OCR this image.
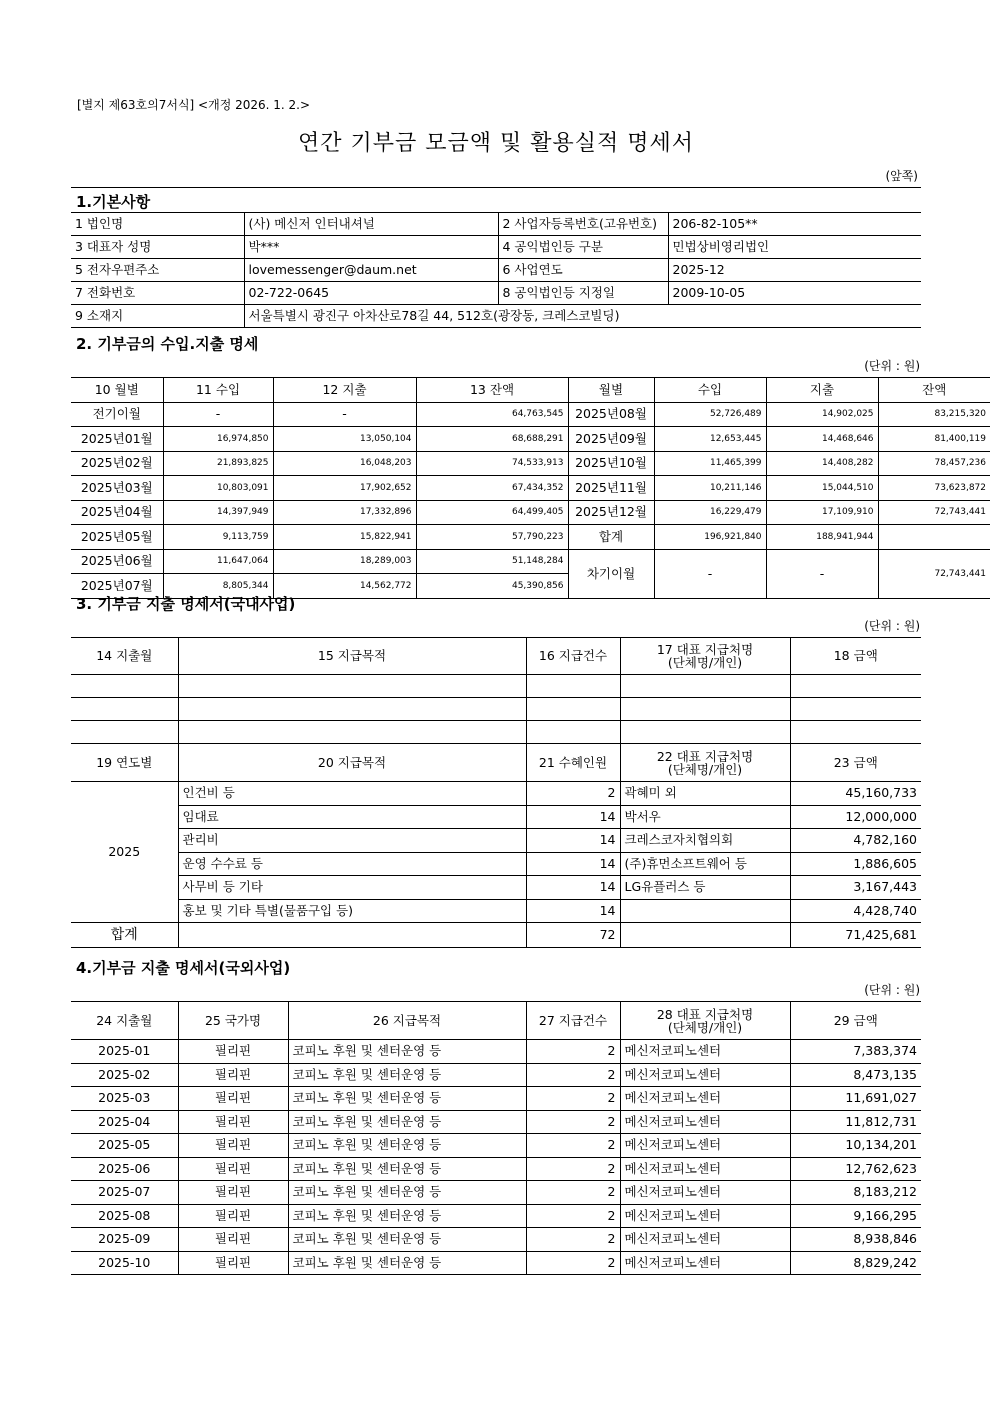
[별지 제63호의7서식] <개정 2026. 1. 2.>
연간 기부금 모금액 및 활용실적 명세서
(앞쪽)
1.기본사항
1 법인명	(사) 메신저 인터내셔널	2 사업자등록번호(고유번호)	206-82-105**
3 대표자 성명	박***	4 공익법인등 구분	민법상비영리법인
5 전자우편주소	lovemessenger@daum.net	6 사업연도	2025-12
7 전화번호	02-722-0645	8 공익법인등 지정일	2009-10-05
9 소재지	서울특별시 광진구 아차산로78길 44, 512호(광장동, 크레스코빌딩)		
2. 기부금의 수입.지출 명세
(단위 : 원)
10 월별	11 수입	12 지출	13 잔액	월별	수입	지출	잔액
전기이월	-	-	64,763,545	2025년08월	52,726,489	14,902,025	83,215,320
2025년01월	16,974,850	13,050,104	68,688,291	2025년09월	12,653,445	14,468,646	81,400,119
2025년02월	21,893,825	16,048,203	74,533,913	2025년10월	11,465,399	14,408,282	78,457,236
2025년03월	10,803,091	17,902,652	67,434,352	2025년11월	10,211,146	15,044,510	73,623,872
2025년04월	14,397,949	17,332,896	64,499,405	2025년12월	16,229,479	17,109,910	72,743,441
2025년05월	9,113,759	15,822,941	57,790,223	합계	196,921,840	188,941,944	
2025년06월	11,647,064	18,289,003	51,148,284	차기이월	-	-	72,743,441
2025년07월	8,805,344	14,562,772	45,390,856				
3. 기부금 지출 명세서(국내사업)
(단위 : 원)
14 지출월	15 지급목적	16 지급건수	17 대표 지급처명
(단체명/개인)	18 금액

19 연도별	20 지급목적	21 수혜인원	22 대표 지급처명
(단체명/개인)	23 금액
2025	인건비 등	2	곽혜미 외	45,160,733
	임대료	14	박서우	12,000,000
	관리비	14	크레스코자치협의회	4,782,160
	운영 수수료 등	14	(주)휴먼소프트웨어 등	1,886,605
	사무비 등 기타	14	LG유플러스 등	3,167,443
	홍보 및 기타 특별(물품구입 등)	14		4,428,740
합계		72		71,425,681
4.기부금 지출 명세서(국외사업)
(단위 : 원)
24 지출월	25 국가명	26 지급목적	27 지급건수	28 대표 지급처명
(단체명/개인)	29 금액
2025-01	필리핀	코피노 후원 및 센터운영 등	2	메신저코피노센터	7,383,374
2025-02	필리핀	코피노 후원 및 센터운영 등	2	메신저코피노센터	8,473,135
2025-03	필리핀	코피노 후원 및 센터운영 등	2	메신저코피노센터	11,691,027
2025-04	필리핀	코피노 후원 및 센터운영 등	2	메신저코피노센터	11,812,731
2025-05	필리핀	코피노 후원 및 센터운영 등	2	메신저코피노센터	10,134,201
2025-06	필리핀	코피노 후원 및 센터운영 등	2	메신저코피노센터	12,762,623
2025-07	필리핀	코피노 후원 및 센터운영 등	2	메신저코피노센터	8,183,212
2025-08	필리핀	코피노 후원 및 센터운영 등	2	메신저코피노센터	9,166,295
2025-09	필리핀	코피노 후원 및 센터운영 등	2	메신저코피노센터	8,938,846
2025-10	필리핀	코피노 후원 및 센터운영 등	2	메신저코피노센터	8,829,242
